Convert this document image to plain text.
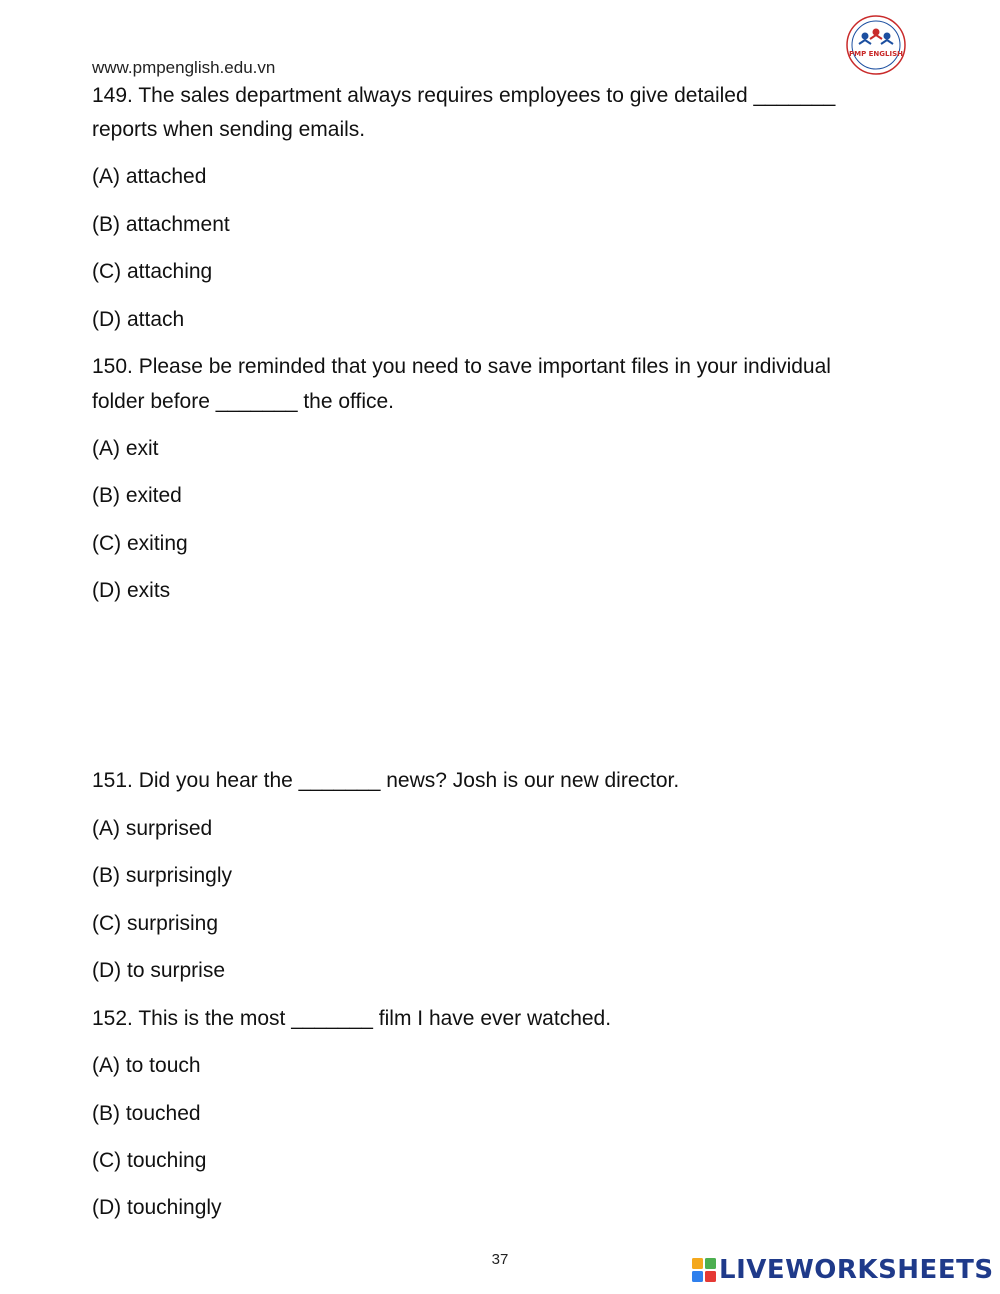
www.pmpenglish.edu.vn
PMP ENGLISH
149. The sales department always requires employees to give detailed _______
reports when sending emails.
(A) attached
(B) attachment
(C) attaching
(D) attach
150. Please be reminded that you need to save important files in your individual
folder before _______ the office.
(A) exit
(B) exited
(C) exiting
(D) exits
151. Did you hear the _______ news? Josh is our new director.
(A) surprised
(B) surprisingly
(C) surprising
(D) to surprise
152. This is the most _______ film I have ever watched.
(A) to touch
(B) touched
(C) touching
(D) touchingly
37	LIVEWORKSHEETS
